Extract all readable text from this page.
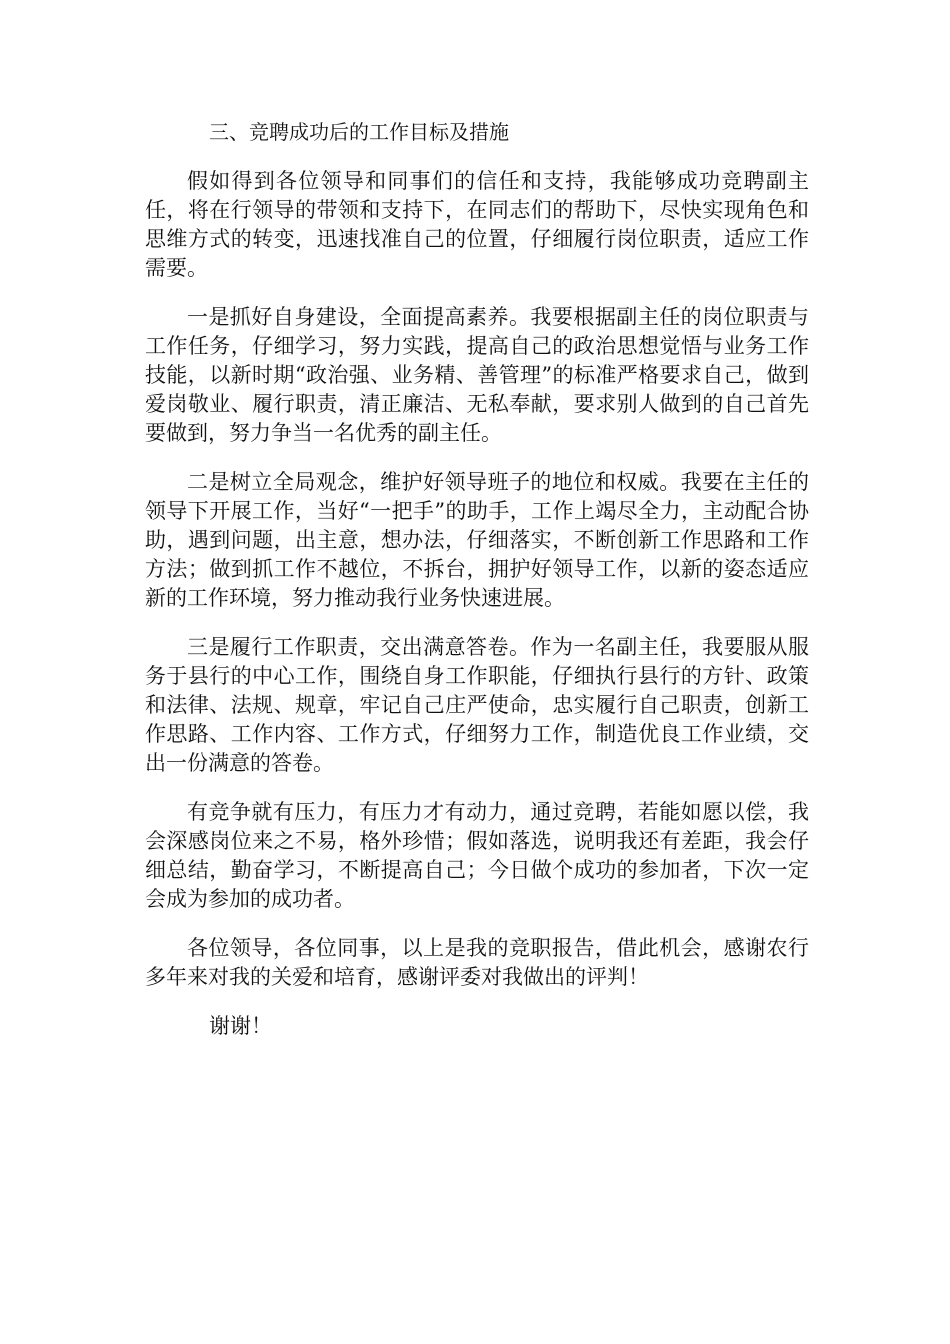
三、竞聘成功后的工作目标及措施

假如得到各位领导和同事们的信任和支持，我能够成功竞聘副主任，将在行领导的带领和支持下，在同志们的帮助下，尽快实现角色和思维方式的转变，迅速找准自己的位置，仔细履行岗位职责，适应工作需要。

一是抓好自身建设，全面提高素养。我要根据副主任的岗位职责与工作任务，仔细学习，努力实践，提高自己的政治思想觉悟与业务工作技能，以新时期“政治强、业务精、善管理”的标准严格要求自己，做到爱岗敬业、履行职责，清正廉洁、无私奉献，要求别人做到的自己首先要做到，努力争当一名优秀的副主任。

二是树立全局观念，维护好领导班子的地位和权威。我要在主任的领导下开展工作，当好“一把手”的助手，工作上竭尽全力，主动配合协助，遇到问题，出主意，想办法，仔细落实，不断创新工作思路和工作方法；做到抓工作不越位，不拆台，拥护好领导工作，以新的姿态适应新的工作环境，努力推动我行业务快速进展。

三是履行工作职责，交出满意答卷。作为一名副主任，我要服从服务于县行的中心工作，围绕自身工作职能，仔细执行县行的方针、政策和法律、法规、规章，牢记自己庄严使命，忠实履行自己职责，创新工作思路、工作内容、工作方式，仔细努力工作，制造优良工作业绩，交出一份满意的答卷。

有竞争就有压力，有压力才有动力，通过竞聘，若能如愿以偿，我会深感岗位来之不易，格外珍惜；假如落选，说明我还有差距，我会仔细总结，勤奋学习，不断提高自己；今日做个成功的参加者，下次一定会成为参加的成功者。

各位领导，各位同事，以上是我的竞职报告，借此机会，感谢农行多年来对我的关爱和培育，感谢评委对我做出的评判！

谢谢！
